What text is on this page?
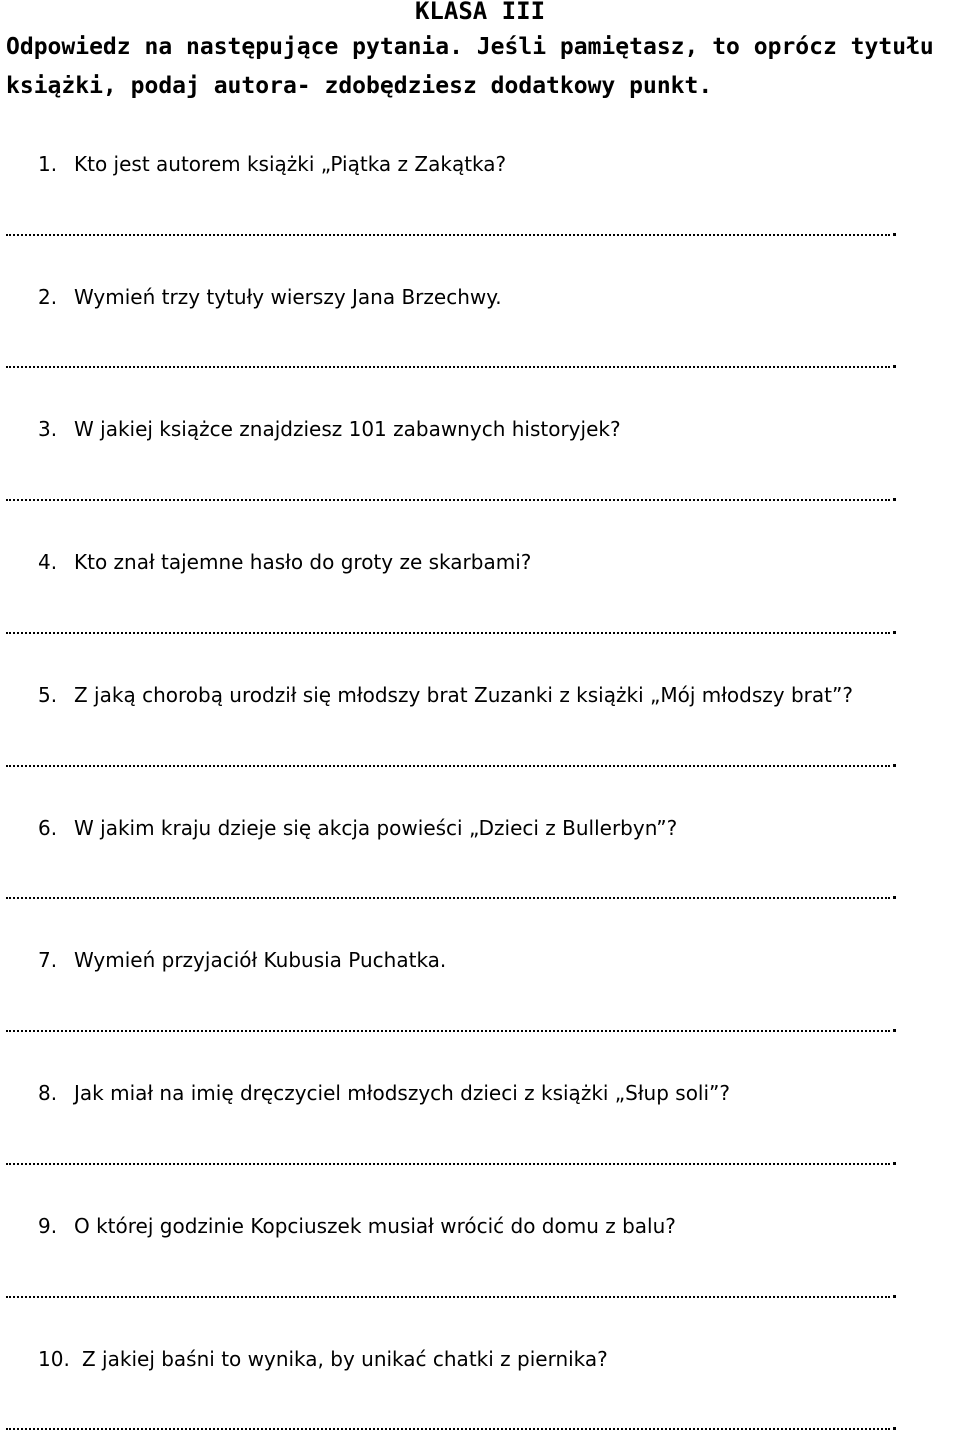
KLASA III
Odpowiedz na następujące pytania. Jeśli pamiętasz, to oprócz tytułu
książki, podaj autora- zdobędziesz dodatkowy punkt.
1. Kto jest autorem książki „Piątka z Zakątka?
2. Wymień trzy tytuły wierszy Jana Brzechwy.
3. W jakiej książce znajdziesz 101 zabawnych historyjek?
4. Kto znał tajemne hasło do groty ze skarbami?
5. Z jaką chorobą urodził się młodszy brat Zuzanki z książki „Mój młodszy brat”?
6. W jakim kraju dzieje się akcja powieści „Dzieci z Bullerbyn”?
7. Wymień przyjaciół Kubusia Puchatka.
8. Jak miał na imię dręczyciel młodszych dzieci z książki „Słup soli”?
9. O której godzinie Kopciuszek musiał wrócić do domu z balu?
10. Z jakiej baśni to wynika, by unikać chatki z piernika?
